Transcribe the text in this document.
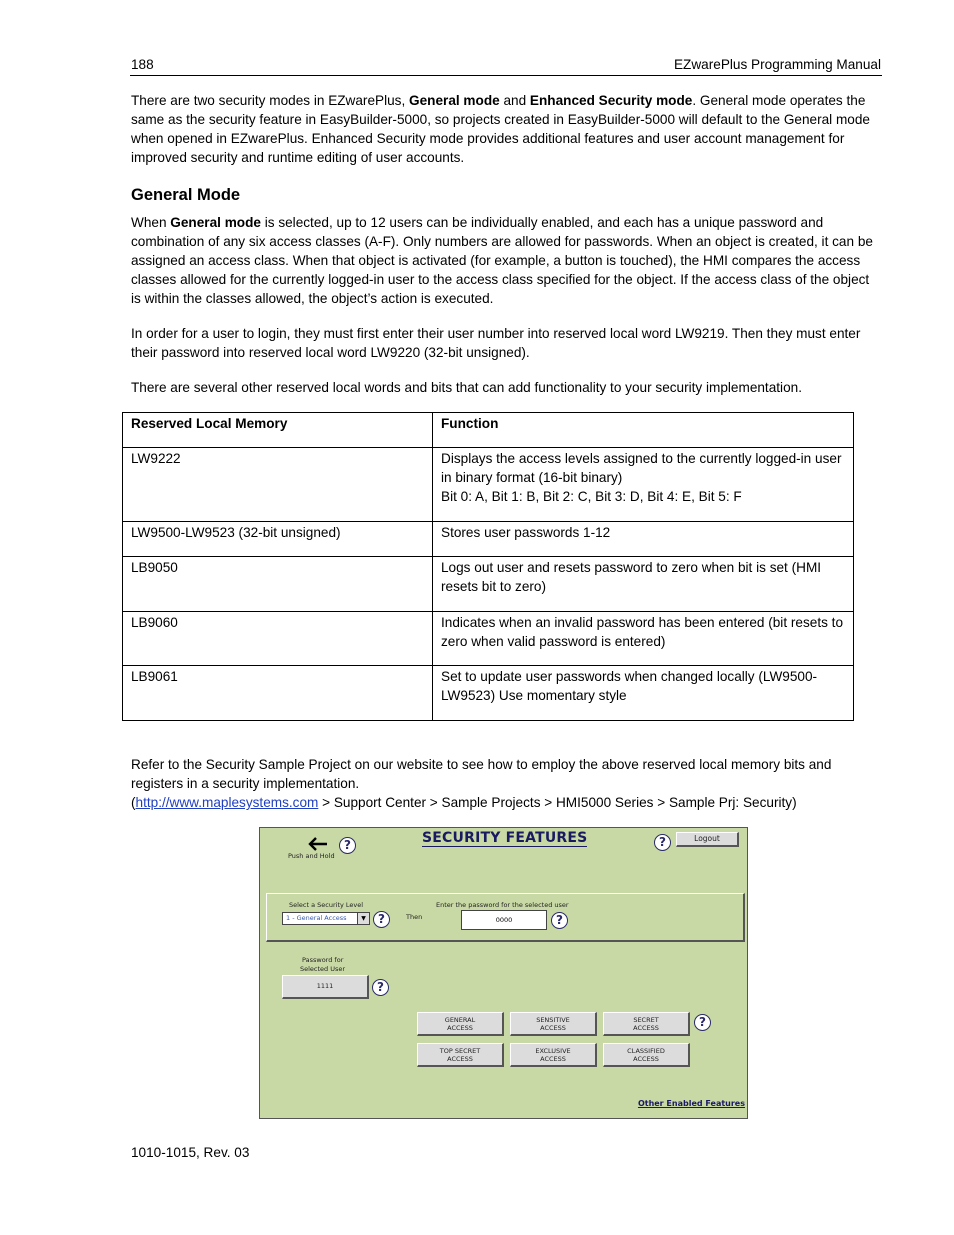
188	EZwarePlus Programming Manual
There are two security modes in EZwarePlus, General mode and Enhanced Security mode. General mode operates the same as the security feature in EasyBuilder-5000, so projects created in EasyBuilder-5000 will default to the General mode when opened in EZwarePlus. Enhanced Security mode provides additional features and user account management for improved security and runtime editing of user accounts.
General Mode
When General mode is selected, up to 12 users can be individually enabled, and each has a unique password and combination of any six access classes (A-F). Only numbers are allowed for passwords. When an object is created, it can be assigned an access class. When that object is activated (for example, a button is touched), the HMI compares the access classes allowed for the currently logged-in user to the access class specified for the object. If the access class of the object is within the classes allowed, the object’s action is executed.
In order for a user to login, they must first enter their user number into reserved local word LW9219. Then they must enter their password into reserved local word LW9220 (32-bit unsigned).
There are several other reserved local words and bits that can add functionality to your security implementation.
Reserved Local Memory	Function
LW9222	Displays the access levels assigned to the currently logged-in user in binary format (16-bit binary)
Bit 0: A, Bit 1: B, Bit 2: C, Bit 3: D, Bit 4: E, Bit 5: F

LW9500-LW9523 (32-bit unsigned)	Stores user passwords 1-12
LB9050	Logs out user and resets password to zero when bit is set (HMI resets bit to zero)
LB9060	Indicates when an invalid password has been entered (bit resets to zero when valid password is entered)
LB9061	Set to update user passwords when changed locally (LW9500-LW9523) Use momentary style
Refer to the Security Sample Project on our website to see how to employ the above reserved local memory bits and registers in a security implementation.
(http://www.maplesystems.com > Support Center > Sample Projects > HMI5000 Series > Sample Prj: Security)
SECURITY FEATURES
Push and Hold
?	?	Logout
Select a Security Level
1 - General Access	▼	?	Then
Enter the password for the selected user
0000	?
Password for
Selected User
1111	?
GENERAL
ACCESS
SENSITIVE
ACCESS
SECRET
ACCESS	?
TOP SECRET
ACCESS
EXCLUSIVE
ACCESS
CLASSIFIED
ACCESS
Other Enabled Features
1010-1015, Rev. 03
